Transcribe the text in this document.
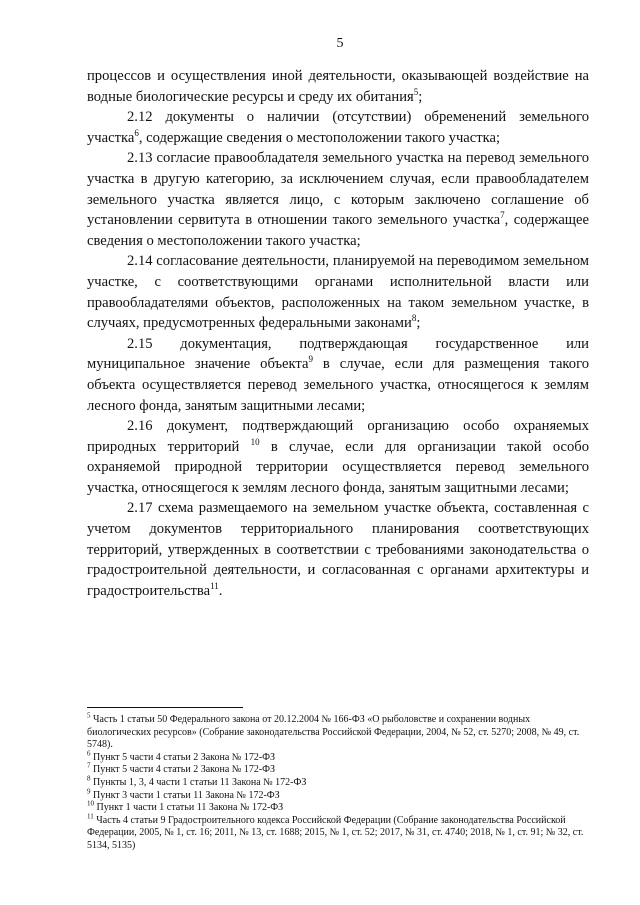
5

процессов и осуществления иной деятельности, оказывающей воздействие на водные биологические ресурсы и среду их обитания$^5$;

2.12 документы о наличии (отсутствии) обременений земельного участка$^6$, содержащие сведения о местоположении такого участка;

2.13 согласие правообладателя земельного участка на перевод земельного участка в другую категорию, за исключением случая, если правообладателем земельного участка является лицо, с которым заключено соглашение об установлении сервитута в отношении такого земельного участка$^7$, содержащее сведения о местоположении такого участка;

2.14 согласование деятельности, планируемой на переводимом земельном участке, с соответствующими органами исполнительной власти или правообладателями объектов, расположенных на таком земельном участке, в случаях, предусмотренных федеральными законами$^8$;

2.15 документация, подтверждающая государственное или муниципальное значение объекта$^9$ в случае, если для размещения такого объекта осуществляется перевод земельного участка, относящегося к землям лесного фонда, занятым защитными лесами;

2.16 документ, подтверждающий организацию особо охраняемых природных территорий $^{10}$ в случае, если для организации такой особо охраняемой природной территории осуществляется перевод земельного участка, относящегося к землям лесного фонда, занятым защитными лесами;

2.17 схема размещаемого на земельном участке объекта, составленная с учетом документов территориального планирования соответствующих территорий, утвержденных в соответствии с требованиями законодательства о градостроительной деятельности, и согласованная с органами архитектуры и градостроительства$^{11}$.

$^5$ Часть 1 статьи 50 Федерального закона от 20.12.2004 № 166-ФЗ «О рыболовстве и сохранении водных биологических ресурсов» (Собрание законодательства Российской Федерации, 2004, № 52, ст. 5270; 2008, № 49, ст. 5748).

$^6$ Пункт 5 части 4 статьи 2 Закона № 172-ФЗ

$^7$ Пункт 5 части 4 статьи 2 Закона № 172-ФЗ

$^8$ Пункты 1, 3, 4 части 1 статьи 11 Закона № 172-ФЗ

$^9$ Пункт 3 части 1 статьи 11 Закона № 172-ФЗ

$^{10}$ Пункт 1 части 1 статьи 11 Закона № 172-ФЗ

$^{11}$ Часть 4 статьи 9 Градостроительного кодекса Российской Федерации (Собрание законодательства Российской Федерации, 2005, № 1, ст. 16; 2011, № 13, ст. 1688; 2015, № 1, ст. 52; 2017, № 31, ст. 4740; 2018, № 1, ст. 91; № 32, ст. 5134, 5135)
